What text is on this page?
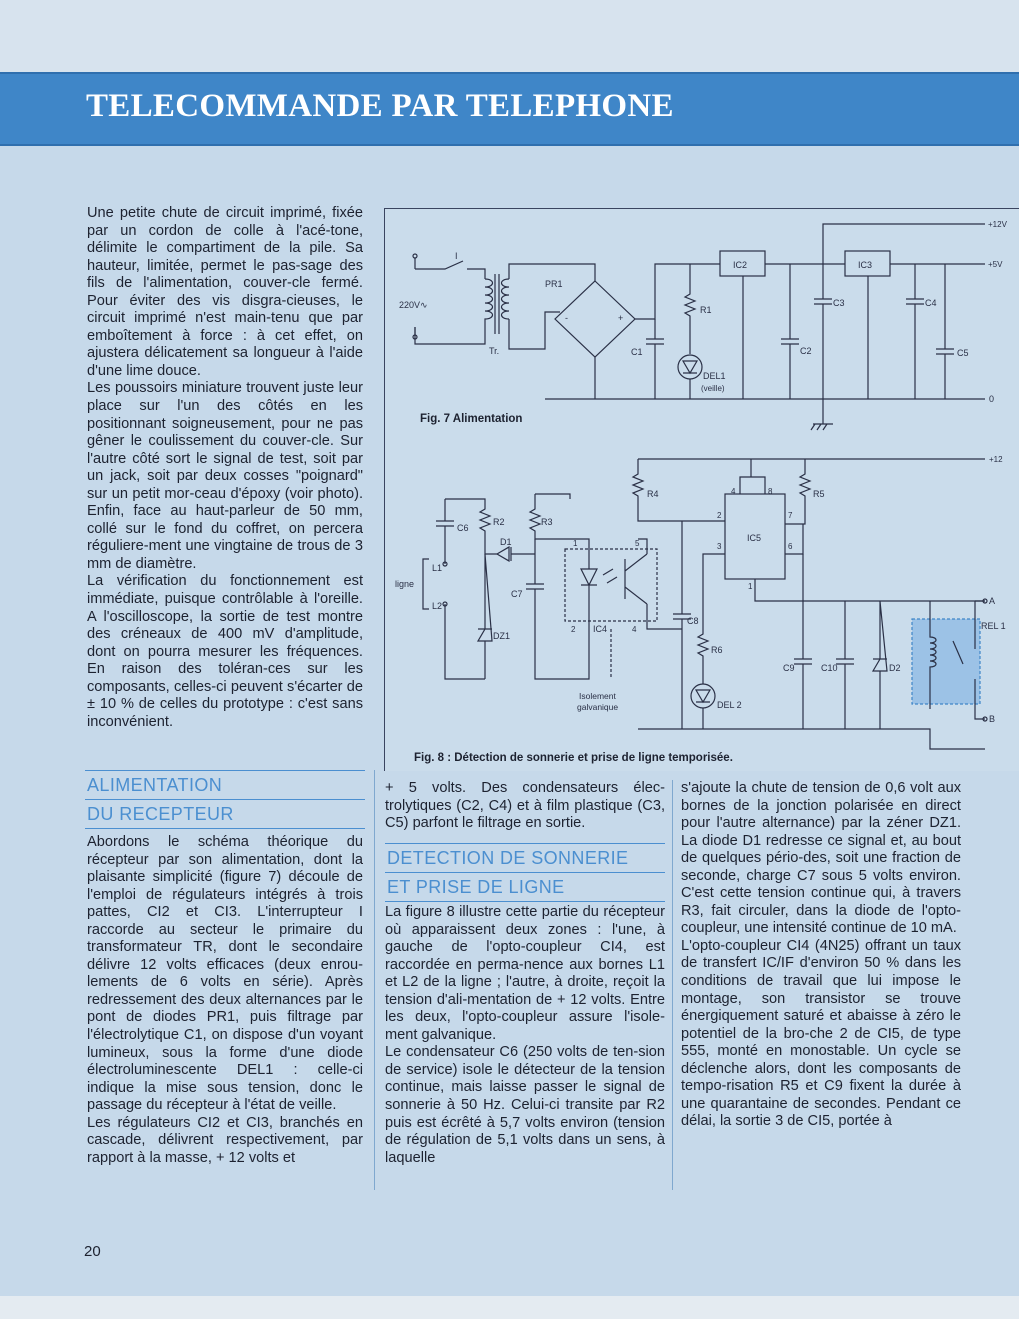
TELECOMMANDE PAR TELEPHONE

Une petite chute de circuit imprimé, fixée par un cordon de colle à l'acé-tone, délimite le compartiment de la pile. Sa hauteur, limitée, permet le pas-sage des fils de l'alimentation, couver-cle fermé. Pour éviter des vis disgra-cieuses, le circuit imprimé n'est main-tenu que par emboîtement à force : à cet effet, on ajustera délicatement sa longueur à l'aide d'une lime douce.

Les poussoirs miniature trouvent juste leur place sur l'un des côtés en les positionnant soigneusement, pour ne pas gêner le coulissement du couver-cle. Sur l'autre côté sort le signal de test, soit par un jack, soit par deux cosses "poignard" sur un petit mor-ceau d'époxy (voir photo). Enfin, face au haut-parleur de 50 mm, collé sur le fond du coffret, on percera réguliere-ment une vingtaine de trous de 3 mm de diamètre.

La vérification du fonctionnement est immédiate, puisque contrôlable à l'oreille. A l'oscilloscope, la sortie de test montre des créneaux de 400 mV d'amplitude, dont on pourra mesurer les fréquences. En raison des toléran-ces sur les composants, celles-ci peuvent s'écarter de ± 10 % de celles du prototype : c'est sans inconvénient.

ALIMENTATION
DU RECEPTEUR

Abordons le schéma théorique du récepteur par son alimentation, dont la plaisante simplicité (figure 7) découle de l'emploi de régulateurs intégrés à trois pattes, CI2 et CI3. L'interrupteur I raccorde au secteur le primaire du transformateur TR, dont le secondaire délivre 12 volts efficaces (deux enrou-lements de 6 volts en série). Après redressement des deux alternances par le pont de diodes PR1, puis filtrage par l'électrolytique C1, on dispose d'un voyant lumineux, sous la forme d'une diode électroluminescente DEL1 : celle-ci indique la mise sous tension, donc le passage du récepteur à l'état de veille.

Les régulateurs CI2 et CI3, branchés en cascade, délivrent respectivement, par rapport à la masse, + 12 volts et

+ 5 volts. Des condensateurs élec-trolytiques (C2, C4) et à film plastique (C3, C5) parfont le filtrage en sortie.

DETECTION DE SONNERIE
ET PRISE DE LIGNE

La figure 8 illustre cette partie du récepteur où apparaissent deux zones : l'une, à gauche de l'opto-coupleur CI4, est raccordée en perma-nence aux bornes L1 et L2 de la ligne ; l'autre, à droite, reçoit la tension d'ali-mentation de + 12 volts. Entre les deux, l'opto-coupleur assure l'isole-ment galvanique.

Le condensateur C6 (250 volts de ten-sion de service) isole le détecteur de la tension continue, mais laisse passer le signal de sonnerie à 50 Hz. Celui-ci transite par R2 puis est écrêté à 5,7 volts environ (tension de régulation de 5,1 volts dans un sens, à laquelle

s'ajoute la chute de tension de 0,6 volt aux bornes de la jonction polarisée en direct pour l'autre alternance) par la zéner DZ1. La diode D1 redresse ce signal et, au bout de quelques pério-des, soit une fraction de seconde, charge C7 sous 5 volts environ. C'est cette tension continue qui, à travers R3, fait circuler, dans la diode de l'opto-coupleur, une intensité continue de 10 mA.

L'opto-coupleur CI4 (4N25) offrant un taux de transfert IC/IF d'environ 50 % dans les conditions de travail que lui impose le montage, son transistor se trouve énergiquement saturé et abaisse à zéro le potentiel de la bro-che 2 de CI5, de type 555, monté en monostable. Un cycle se déclenche alors, dont les composants de tempo-risation R5 et C9 fixent la durée à une quarantaine de secondes. Pendant ce délai, la sortie 3 de CI5, portée à

220V∿
I
Tr.
PR1
+
-
0
C1
R1
DEL1
(veille)
IC2
C2
C3
+12V
IC3	+5V
C4
C5
+12
R4	R5
IC5
4	8
2	7
3	6
1
C8
R6
DEL 2
C9	C10	D2
REL 1
A
B
1	5
2	4
IC4
Isolement
galvanique
C6
R2
D1
R3
C7
DZ1
L1
L2
ligne
Fig. 7 Alimentation
Fig. 8 : Détection de sonnerie et prise de ligne temporisée.
20
